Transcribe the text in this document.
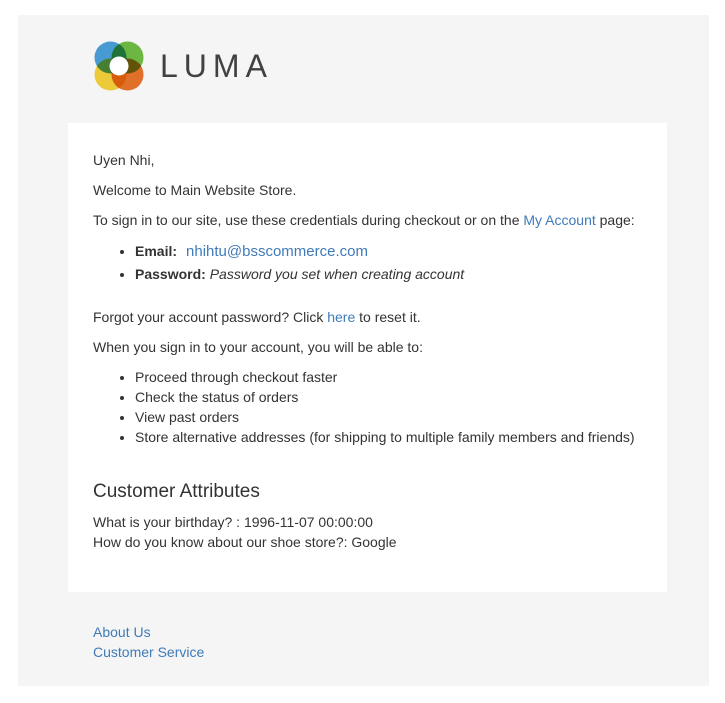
LUMA

Uyen Nhi,

Welcome to Main Website Store.

To sign in to our site, use these credentials during checkout or on the My Account page:

• Email: nhihtu@bsscommerce.com
• Password: Password you set when creating account

Forgot your account password? Click here to reset it.

When you sign in to your account, you will be able to:

• Proceed through checkout faster
• Check the status of orders
• View past orders
• Store alternative addresses (for shipping to multiple family members and friends)
Customer Attributes

What is your birthday? : 1996-11-07 00:00:00
How do you know about our shoe store?: Google

About Us
Customer Service
